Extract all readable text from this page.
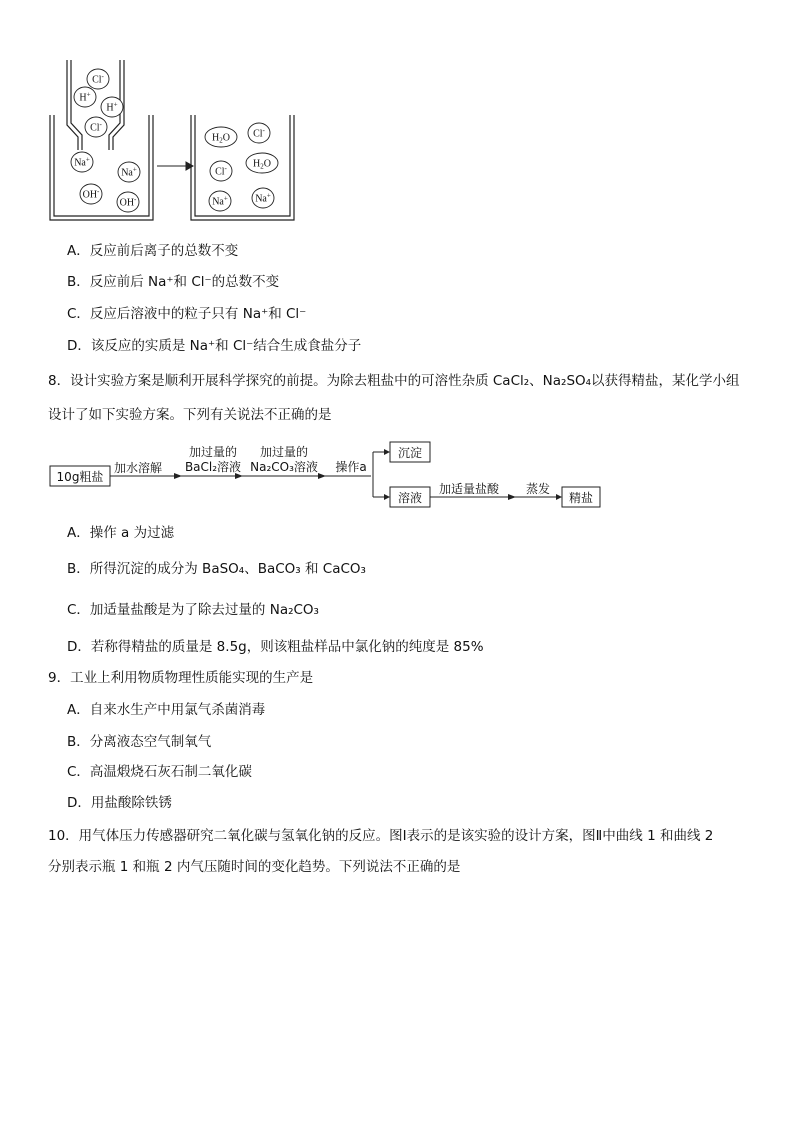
Cl-
H+
H+
Cl-
Na+
Na+
OH-
OH-
$H_2O$ Cl-
Cl-	$H_2O$
Na+	Na+
A．反应前后离子的总数不变
B．反应前后 Na⁺和 Cl⁻的总数不变
C．反应后溶液中的粒子只有 Na⁺和 Cl⁻
D．该反应的实质是 Na⁺和 Cl⁻结合生成食盐分子
8．设计实验方案是顺利开展科学探究的前提。为除去粗盐中的可溶性杂质 CaCl₂、Na₂SO₄以获得精盐，某化学小组
设计了如下实验方案。下列有关说法不正确的是
10g粗盐
加水溶解
加过量的
BaCl₂溶液
加过量的
Na₂CO₃溶液 操作a
沉淀
溶液
加适量盐酸 蒸发
精盐
A．操作 a 为过滤
B．所得沉淀的成分为 BaSO₄、BaCO₃ 和 CaCO₃
C．加适量盐酸是为了除去过量的 Na₂CO₃
D．若称得精盐的质量是 8.5g，则该粗盐样品中氯化钠的纯度是 85%
9．工业上利用物质物理性质能实现的生产是
A．自来水生产中用氯气杀菌消毒
B．分离液态空气制氧气
C．高温煅烧石灰石制二氧化碳
D．用盐酸除铁锈
10．用气体压力传感器研究二氧化碳与氢氧化钠的反应。图Ⅰ表示的是该实验的设计方案，图Ⅱ中曲线 1 和曲线 2
分别表示瓶 1 和瓶 2 内气压随时间的变化趋势。下列说法不正确的是
